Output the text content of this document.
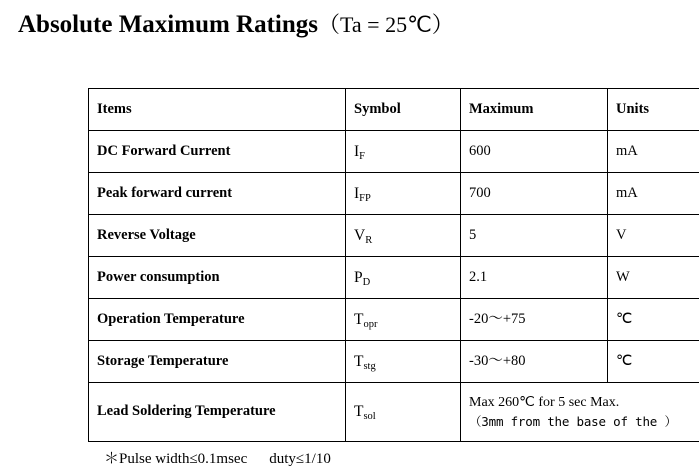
Absolute Maximum Ratings（Ta = 25℃）
Items	Symbol	Maximum	Units
DC Forward Current	$I_F$	600	mA
Peak forward current	$I_{FP}$	700	mA
Reverse Voltage	$V_R$	5	V
Power consumption	$P_D$	2.1	W
Operation Temperature	$T_{opr}$	-20～+75	℃
Storage Temperature	$T_{stg}$	-30～+80	℃
Lead Soldering Temperature	$T_{sol}$	Max 260℃ for 5 sec Max.
（3mm from the base of the ）	
＊Pulse width≤0.1msec duty≤1/10
